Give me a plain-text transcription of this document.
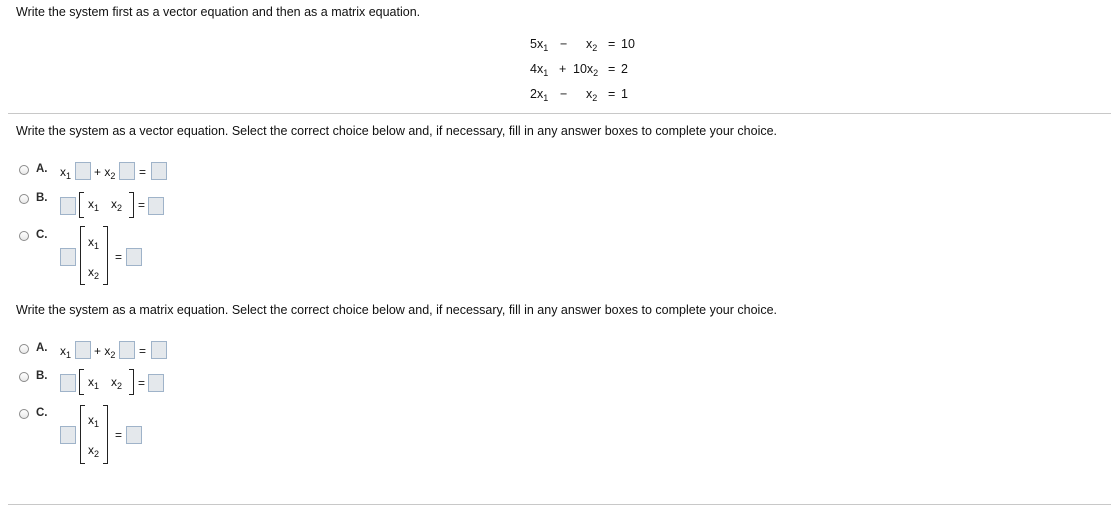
Write the system first as a vector equation and then as a matrix equation.
$5x_1 - x_2 = 10$
$4x_1 + 10x_2 = 2$
$2x_1 - x_2 = 1$
Write the system as a vector equation. Select the correct choice below and, if necessary, fill in any answer boxes to complete your choice.
A. $x_1 + x_2$ =
B.	$x_1$ $x_2$ =
C.	$x_1$
$x_2$
=
Write the system as a matrix equation. Select the correct choice below and, if necessary, fill in any answer boxes to complete your choice.
A. $x_1 + x_2$ =
B.	$x_1$ $x_2$ =
C.	$x_1$
$x_2$
=
